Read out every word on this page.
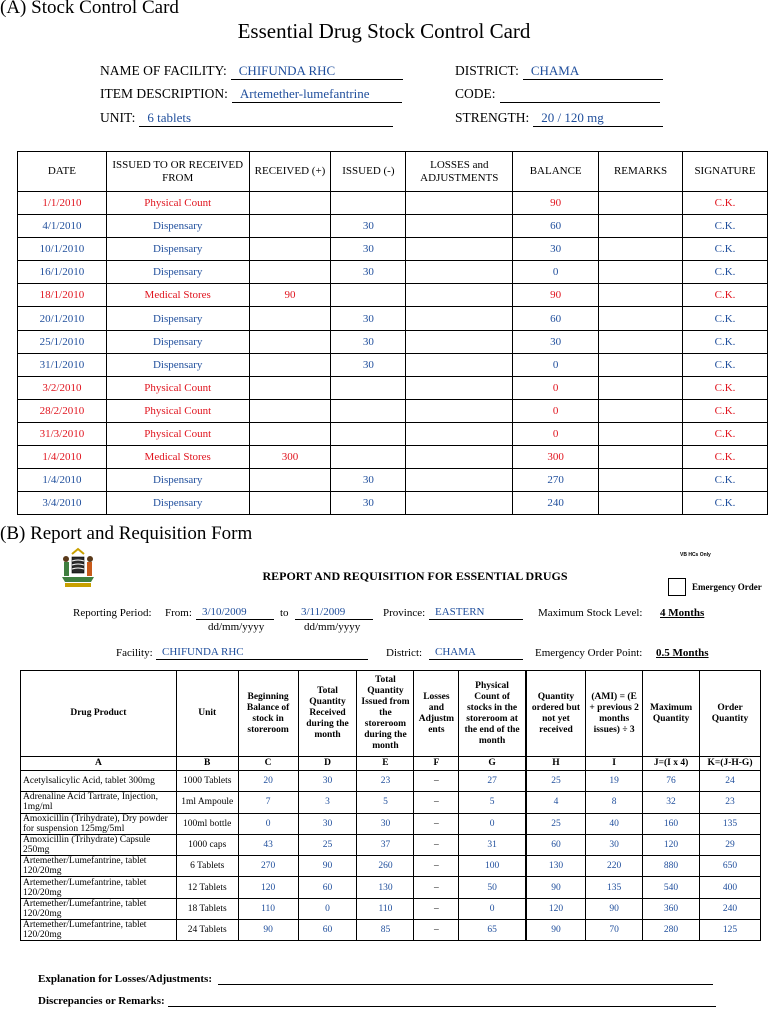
(A) Stock Control Card
Essential Drug Stock Control Card
NAME OF FACILITY: CHIFUNDA RHC	DISTRICT: CHAMA
ITEM DESCRIPTION: Artemether-lumefantrine	CODE:
UNIT: 6 tablets	STRENGTH: 20 / 120 mg
DATE	ISSUED TO OR RECEIVED FROM	RECEIVED (+)	ISSUED (-)	LOSSES and ADJUSTMENTS	BALANCE	REMARKS	SIGNATURE
1/1/2010	Physical Count				90		C.K.
4/1/2010	Dispensary		30		60		C.K.
10/1/2010	Dispensary		30		30		C.K.
16/1/2010	Dispensary		30		0		C.K.
18/1/2010	Medical Stores	90			90		C.K.
20/1/2010	Dispensary		30		60		C.K.
25/1/2010	Dispensary		30		30		C.K.
31/1/2010	Dispensary		30		0		C.K.
3/2/2010	Physical Count				0		C.K.
28/2/2010	Physical Count				0		C.K.
31/3/2010	Physical Count				0		C.K.
1/4/2010	Medical Stores	300			300		C.K.
1/4/2010	Dispensary		30		270		C.K.
3/4/2010	Dispensary		30		240		C.K.
(B) Report and Requisition Form
VB HCs Only
REPORT AND REQUISITION FOR ESSENTIAL DRUGS
Emergency Order
Reporting Period: From: 3/10/2009
dd/mm/yyyy
to	3/11/2009
dd/mm/yyyy
Province: EASTERN	Maximum Stock Level: 4 Months
Facility: CHIFUNDA RHC	District:	CHAMA	Emergency Order Point: 0.5 Months
Drug Product	Unit	Beginning Balance of stock in storeroom	Total Quantity Received during the month	Total Quantity Issued from the storeroom during the month	Losses and Adjustm ents	Physical Count of stocks in the storeroom at the end of the month	Quantity ordered but not yet received	(AMI) = (E + previous 2 months issues) ÷ 3	Maximum Quantity	Order Quantity
A	B	C	D	E	F	G	H	I	J=(I x 4)	K=(J-H-G)
Acetylsalicylic Acid, tablet 300mg	1000 Tablets	20	30	23	–	27	25	19	76	24
Adrenaline Acid Tartrate, Injection, 1mg/ml	1ml Ampoule	7	3	5	–	5	4	8	32	23
Amoxicillin (Trihydrate), Dry powder for suspension 125mg/5ml	100ml bottle	0	30	30	–	0	25	40	160	135
Amoxicillin (Trihydrate) Capsule 250mg	1000 caps	43	25	37	–	31	60	30	120	29
Artemether/Lumefantrine, tablet 120/20mg	6 Tablets	270	90	260	–	100	130	220	880	650
Artemether/Lumefantrine, tablet 120/20mg	12 Tablets	120	60	130	–	50	90	135	540	400
Artemether/Lumefantrine, tablet 120/20mg	18 Tablets	110	0	110	–	0	120	90	360	240
Artemether/Lumefantrine, tablet 120/20mg	24 Tablets	90	60	85	–	65	90	70	280	125
Explanation for Losses/Adjustments:
Discrepancies or Remarks:
